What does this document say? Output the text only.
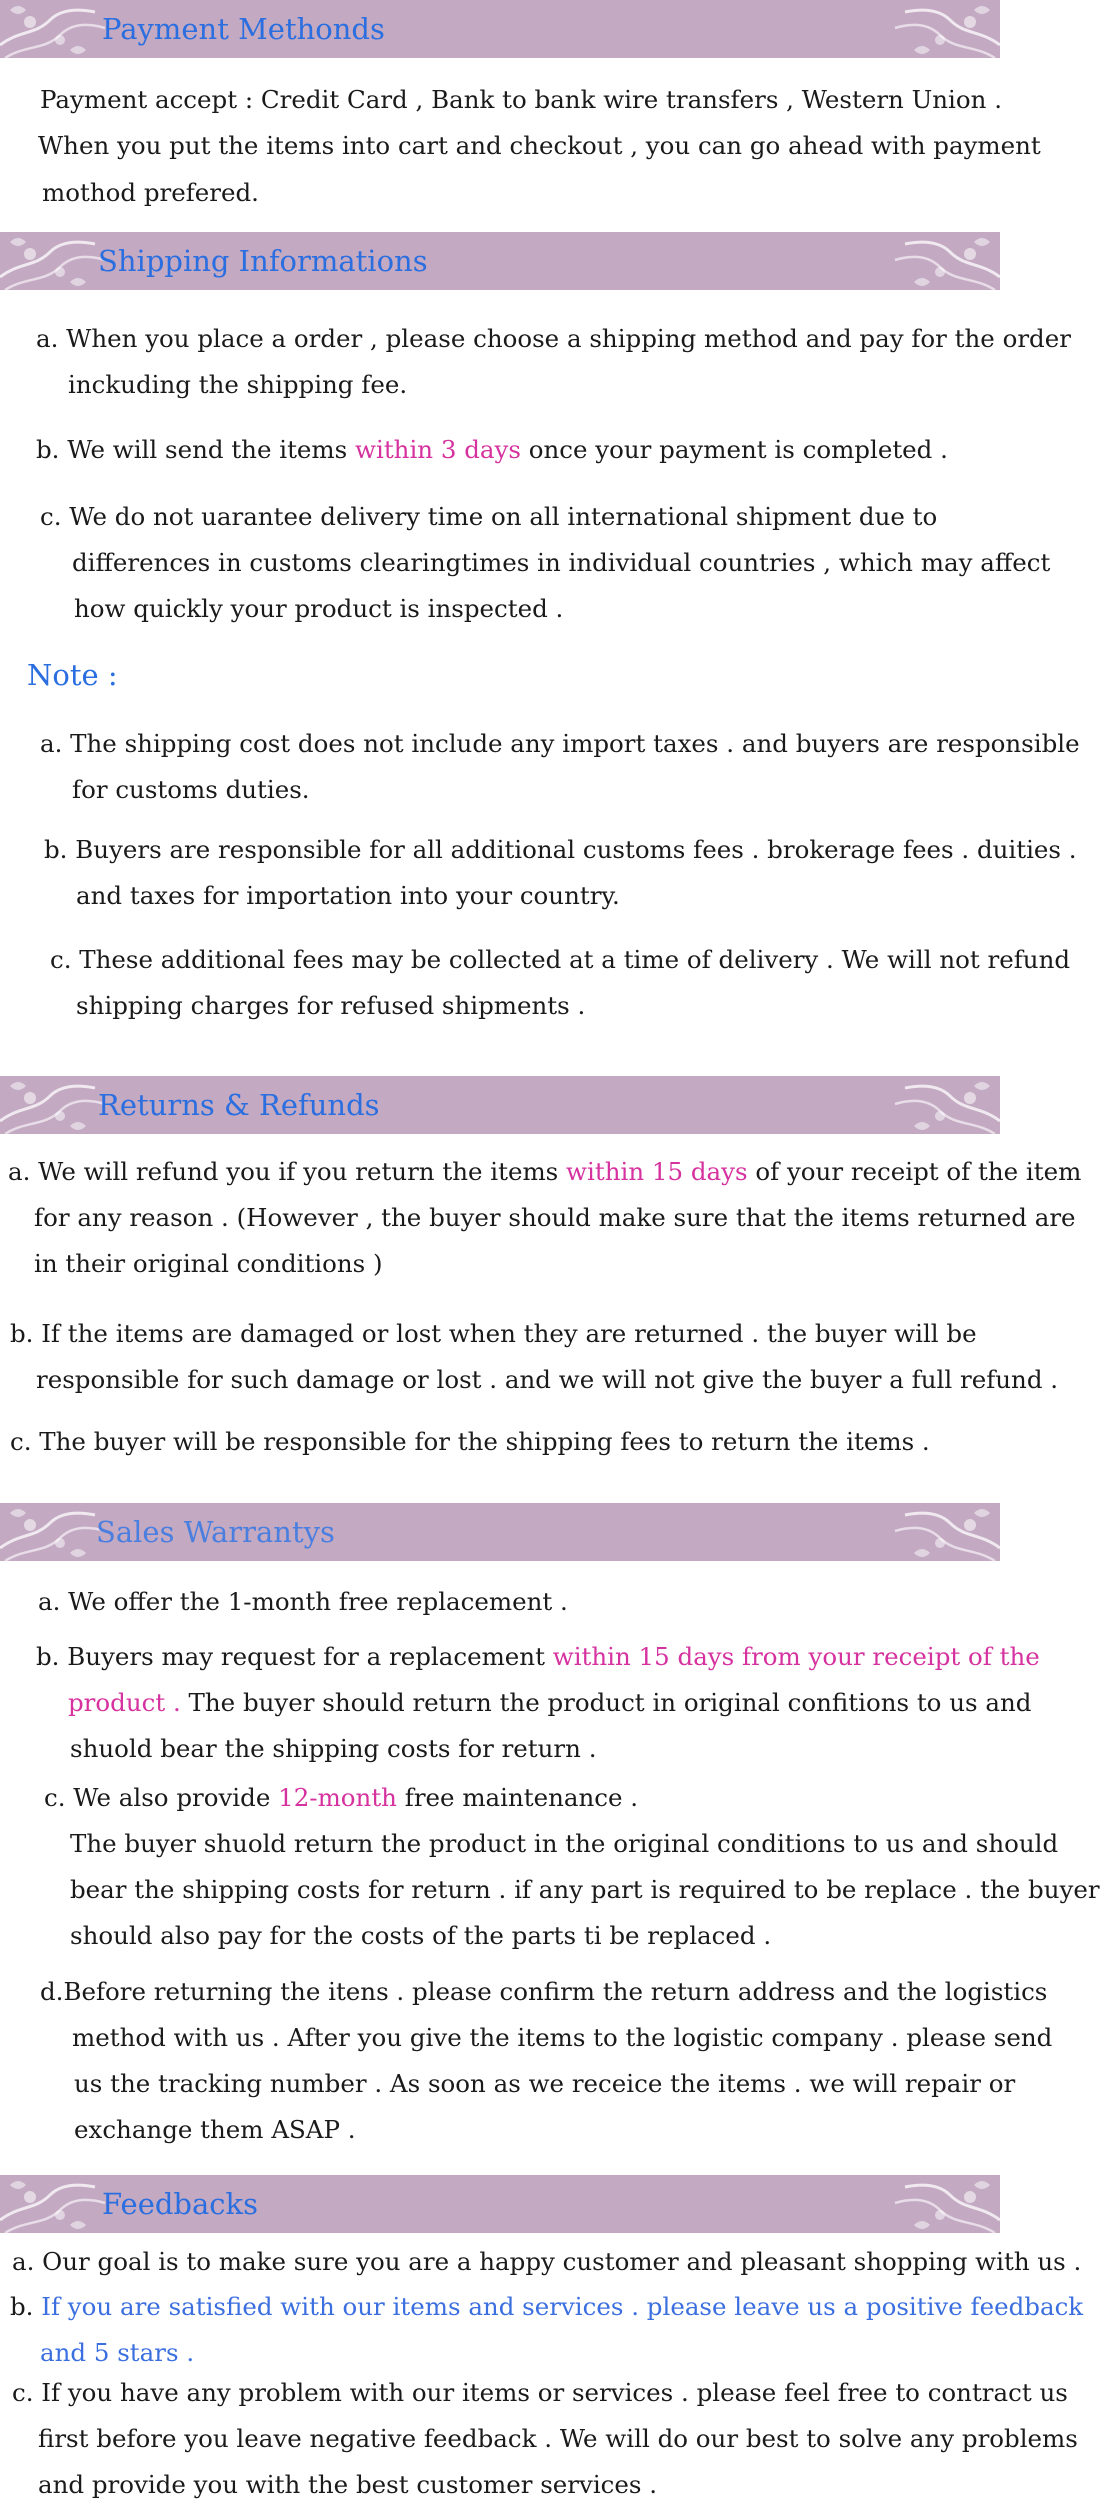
Payment Methonds
Payment accept : Credit Card , Bank to bank wire transfers , Western Union .
When you put the items into cart and checkout , you can go ahead with payment
mothod prefered.
Shipping Informations
a. When you place a order , please choose a shipping method and pay for the order
inckuding the shipping fee.
b. We will send the items within 3 days once your payment is completed .
c. We do not uarantee delivery time on all international shipment due to
differences in customs clearingtimes in individual countries , which may affect
how quickly your product is inspected .
Note :
a. The shipping cost does not include any import taxes . and buyers are responsible
for customs duties.
b. Buyers are responsible for all additional customs fees . brokerage fees . duities .
and taxes for importation into your country.
c. These additional fees may be collected at a time of delivery . We will not refund
shipping charges for refused shipments .
Returns & Refunds
a. We will refund you if you return the items within 15 days of your receipt of the item
for any reason . (However , the buyer should make sure that the items returned are
in their original conditions )
b. If the items are damaged or lost when they are returned . the buyer will be
responsible for such damage or lost . and we will not give the buyer a full refund .
c. The buyer will be responsible for the shipping fees to return the items .
Sales Warrantys
a. We offer the 1-month free replacement .
b. Buyers may request for a replacement within 15 days from your receipt of the
product . The buyer should return the product in original confitions to us and
shuold bear the shipping costs for return .
c. We also provide 12-month free maintenance .
The buyer shuold return the product in the original conditions to us and should
bear the shipping costs for return . if any part is required to be replace . the buyer
should also pay for the costs of the parts ti be replaced .
d.Before returning the itens . please confirm the return address and the logistics
method with us . After you give the items to the logistic company . please send
us the tracking number . As soon as we receice the items . we will repair or
exchange them ASAP .
Feedbacks
a. Our goal is to make sure you are a happy customer and pleasant shopping with us .
b. If you are satisfied with our items and services . please leave us a positive feedback
and 5 stars .
c. If you have any problem with our items or services . please feel free to contract us
first before you leave negative feedback . We will do our best to solve any problems
and provide you with the best customer services .
